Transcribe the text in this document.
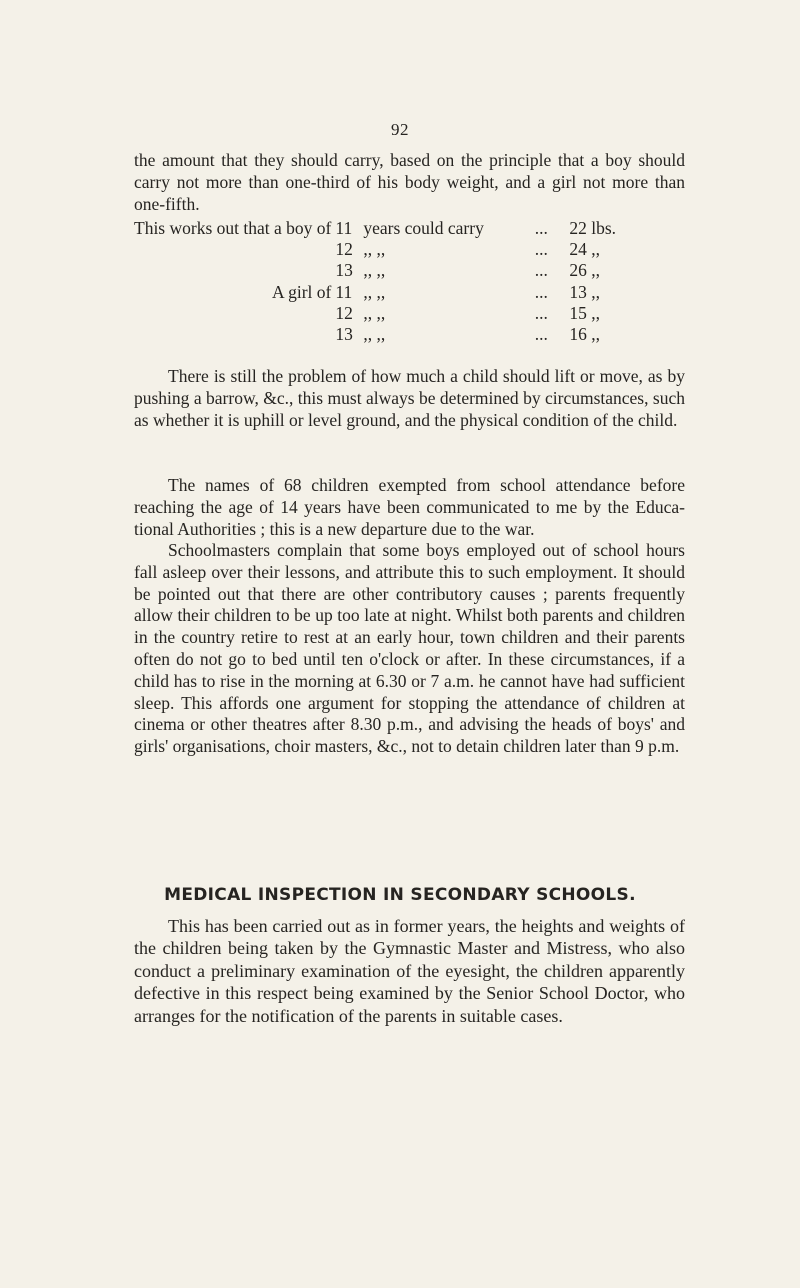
92

the amount that they should carry, based on the principle that a boy should carry not more than one-third of his body weight, and a girl not more than one-fifth.

This works out that a boy of	11	years could carry	...	22 lbs.
	12	,, ,,	...	24 ,,
	13	,, ,,	...	26 ,,
A girl of	11	,, ,,	...	13 ,,
	12	,, ,,	...	15 ,,
	13	,, ,,	...	16 ,,

There is still the problem of how much a child should lift or move, as by pushing a barrow, &c., this must always be determined by circumstances, such as whether it is uphill or level ground, and the physical condition of the child.

The names of 68 children exempted from school attendance before reaching the age of 14 years have been communicated to me by the Educa-tional Authorities ; this is a new departure due to the war.

Schoolmasters complain that some boys employed out of school hours fall asleep over their lessons, and attribute this to such employment. It should be pointed out that there are other contributory causes ; parents frequently allow their children to be up too late at night. Whilst both parents and children in the country retire to rest at an early hour, town children and their parents often do not go to bed until ten o'clock or after. In these circumstances, if a child has to rise in the morning at 6.30 or 7 a.m. he cannot have had sufficient sleep. This affords one argument for stopping the attendance of children at cinema or other theatres after 8.30 p.m., and advising the heads of boys' and girls' organisations, choir masters, &c., not to detain children later than 9 p.m.

MEDICAL INSPECTION IN SECONDARY SCHOOLS.

This has been carried out as in former years, the heights and weights of the children being taken by the Gymnastic Master and Mistress, who also conduct a preliminary examination of the eyesight, the children apparently defective in this respect being examined by the Senior School Doctor, who arranges for the notification of the parents in suitable cases.
